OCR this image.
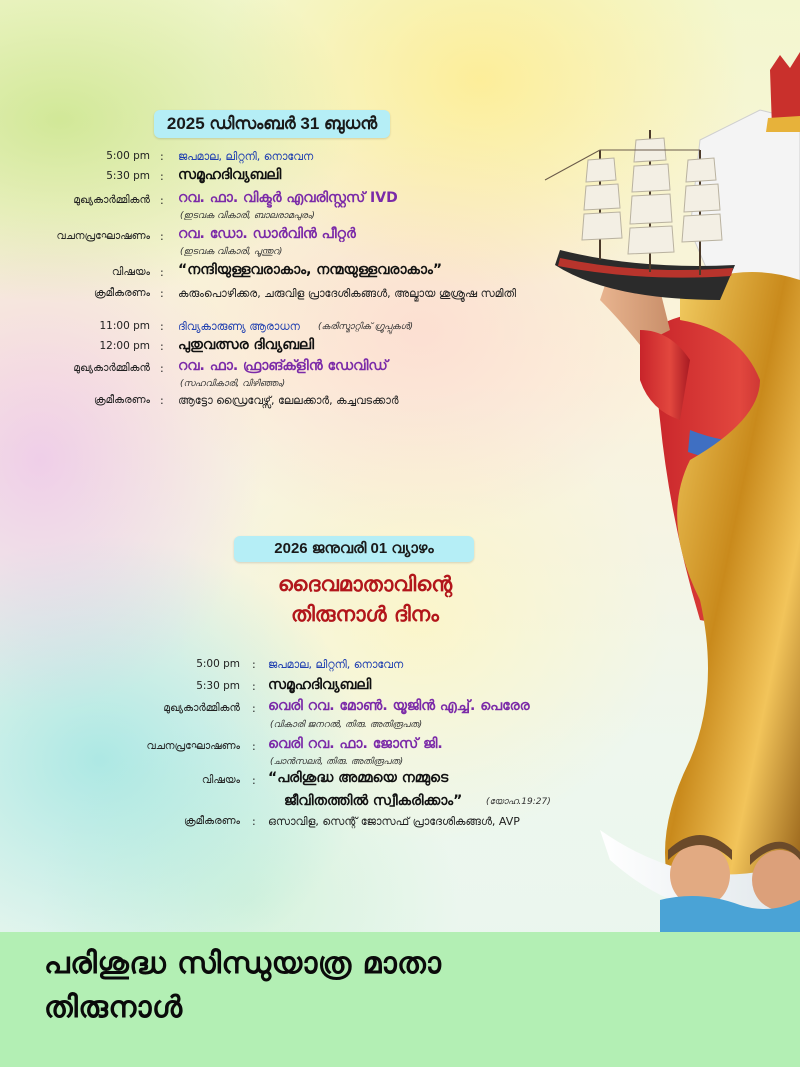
2025 ഡിസംബർ 31 ബുധൻ
5:00 pm : ജപമാല, ലിറ്റനി, നൊവേന
5:30 pm : സമൂഹദിവ്യബലി
മുഖ്യകാർമ്മികൻ : റവ. ഫാ. വിക്ടർ എവരിസ്റ്റസ് IVD
(ഇടവക വികാരി, ബാലരാമപുരം)
വചനപ്രഘോഷണം : റവ. ഡോ. ഡാർവിൻ പീറ്റർ
(ഇടവക വികാരി, പൂന്തുറ)
വിഷയം : “നന്ദിയുള്ളവരാകാം, നന്മയുള്ളവരാകാം”
ക്രമീകരണം : കരുംപൊഴിക്കര, ചരുവിള പ്രാദേശികങ്ങൾ, അല്മായ ശുശ്രൂഷ സമിതി
11:00 pm : ദിവ്യകാരുണ്യ ആരാധന (കരിസ്മാറ്റിക് ഗ്രൂപ്പുകൾ)
12:00 pm : പുതുവത്സര ദിവ്യബലി
മുഖ്യകാർമ്മികൻ : റവ. ഫാ. ഫ്രാങ്ക്ളിൻ ഡേവിഡ്
(സഹവികാരി, വിഴിഞ്ഞം)
ക്രമീകരണം : ആട്ടോ ഡ്രൈവേഴ്സ്, ലേലക്കാർ, കച്ചവടക്കാർ
2026 ജനുവരി 01 വ്യാഴം
ദൈവമാതാവിന്റെ
തിരുനാൾ ദിനം
5:00 pm : ജപമാല, ലിറ്റനി, നൊവേന
5:30 pm : സമൂഹദിവ്യബലി
മുഖ്യകാർമ്മികൻ : വെരി റവ. മോൺ. യൂജിൻ എച്ച്. പെരേര
(വികാരി ജനറൽ, തിരു. അതിരൂപത)
വചനപ്രഘോഷണം : വെരി റവ. ഫാ. ജോസ് ജി.
(ചാൻസലർ, തിരു. അതിരൂപത)
വിഷയം : “പരിശുദ്ധ അമ്മയെ നമ്മുടെ
ജീവിതത്തിൽ സ്വീകരിക്കാം”	(യോഹ.19:27)
ക്രമീകരണം : ഒസാവിള, സെന്റ് ജോസഫ് പ്രാദേശികങ്ങൾ, AVP
പരിശുദ്ധ സിന്ധുയാത്ര മാതാ
തിരുനാൾ
